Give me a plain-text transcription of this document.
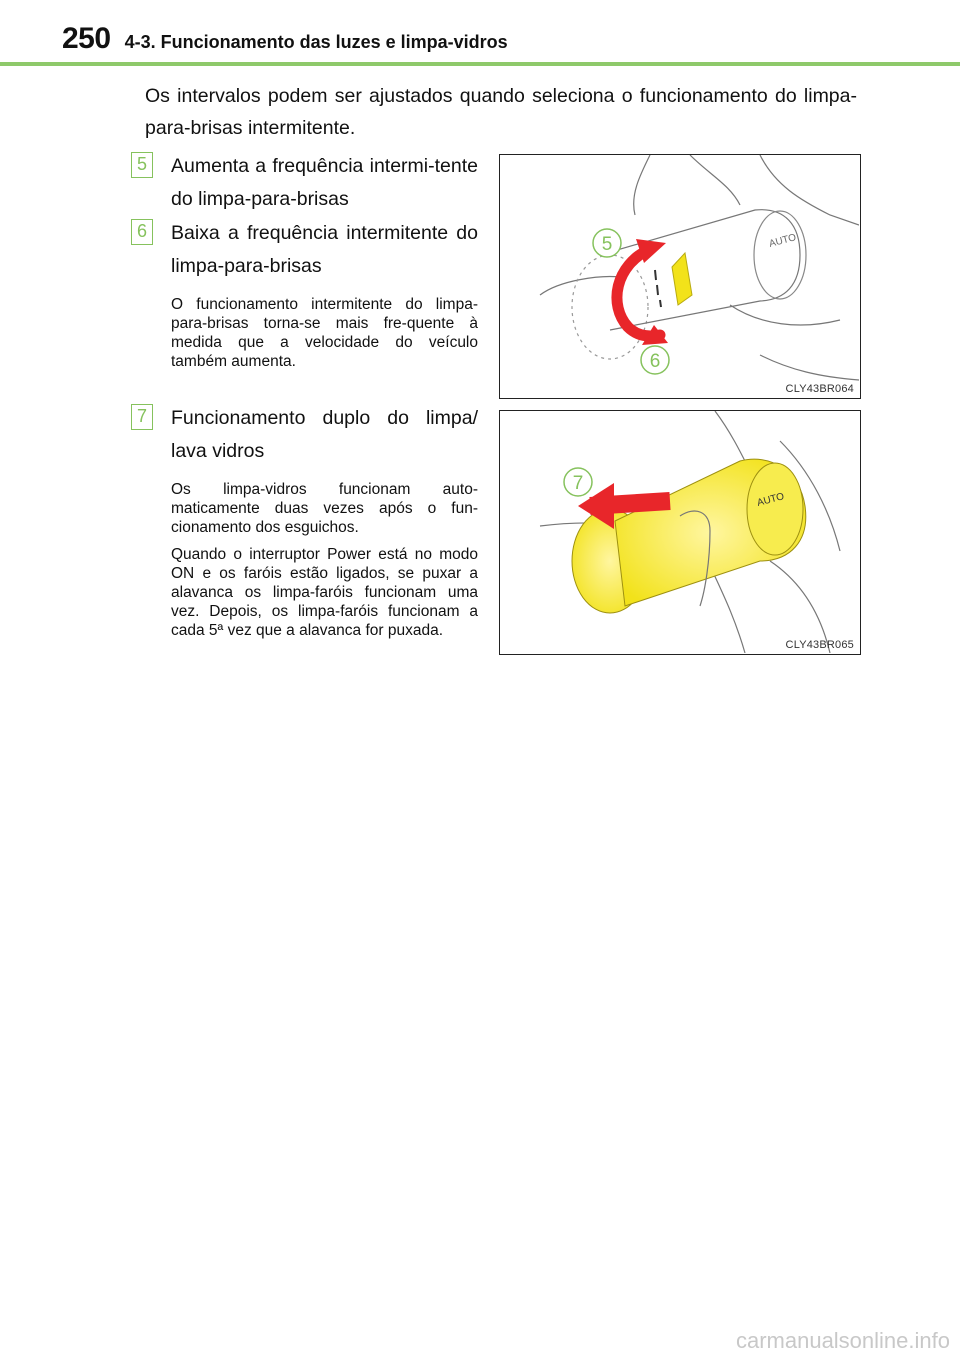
250 4-3. Funcionamento das luzes e limpa-vidros

Os intervalos podem ser ajustados quando seleciona o funcionamento do limpa-para-brisas intermitente.

5	Aumenta a frequência intermi-tente do limpa-para-brisas
6	Baixa a frequência intermitente do limpa-para-brisas
O funcionamento intermitente do limpa-para-brisas torna-se mais fre-quente à medida que a velocidade do veículo também aumenta.
7	Funcionamento duplo do limpa/ lava vidros
Os limpa-vidros funcionam auto-maticamente duas vezes após o fun-cionamento dos esguichos.
Quando o interruptor Power está no modo ON e os faróis estão ligados, se puxar a alavanca os limpa-faróis funcionam uma vez. Depois, os limpa-faróis funcionam a cada 5ª vez que a alavanca for puxada.
AUTO
5
6
CLY43BR064
AUTO
7
CLY43BR065
carmanualsonline.info
